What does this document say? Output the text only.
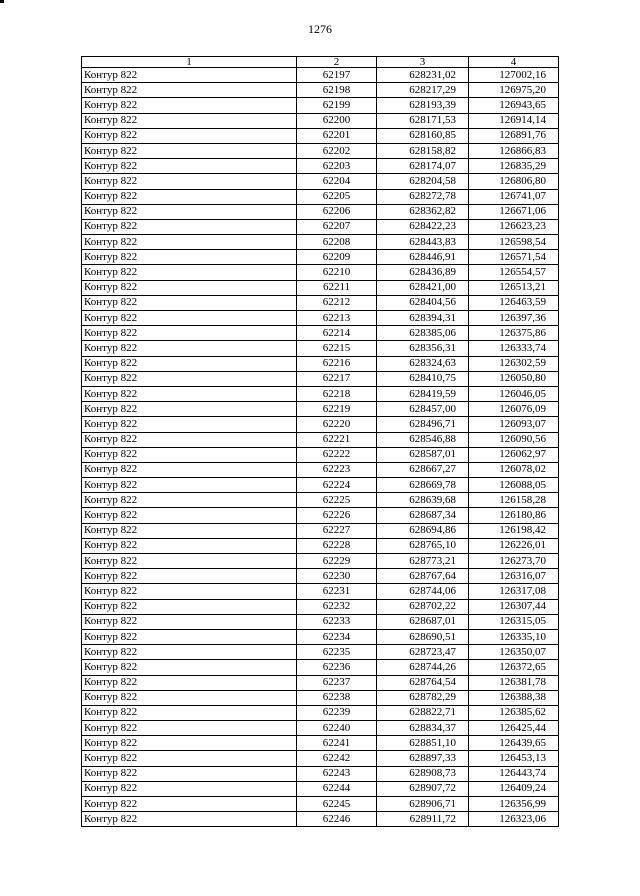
1276
1	2	3	4
Контур 822	62197	628231,02	127002,16
Контур 822	62198	628217,29	126975,20
Контур 822	62199	628193,39	126943,65
Контур 822	62200	628171,53	126914,14
Контур 822	62201	628160,85	126891,76
Контур 822	62202	628158,82	126866,83
Контур 822	62203	628174,07	126835,29
Контур 822	62204	628204,58	126806,80
Контур 822	62205	628272,78	126741,07
Контур 822	62206	628362,82	126671,06
Контур 822	62207	628422,23	126623,23
Контур 822	62208	628443,83	126598,54
Контур 822	62209	628446,91	126571,54
Контур 822	62210	628436,89	126554,57
Контур 822	62211	628421,00	126513,21
Контур 822	62212	628404,56	126463,59
Контур 822	62213	628394,31	126397,36
Контур 822	62214	628385,06	126375,86
Контур 822	62215	628356,31	126333,74
Контур 822	62216	628324,63	126302,59
Контур 822	62217	628410,75	126050,80
Контур 822	62218	628419,59	126046,05
Контур 822	62219	628457,00	126076,09
Контур 822	62220	628496,71	126093,07
Контур 822	62221	628546,88	126090,56
Контур 822	62222	628587,01	126062,97
Контур 822	62223	628667,27	126078,02
Контур 822	62224	628669,78	126088,05
Контур 822	62225	628639,68	126158,28
Контур 822	62226	628687,34	126180,86
Контур 822	62227	628694,86	126198,42
Контур 822	62228	628765,10	126226,01
Контур 822	62229	628773,21	126273,70
Контур 822	62230	628767,64	126316,07
Контур 822	62231	628744,06	126317,08
Контур 822	62232	628702,22	126307,44
Контур 822	62233	628687,01	126315,05
Контур 822	62234	628690,51	126335,10
Контур 822	62235	628723,47	126350,07
Контур 822	62236	628744,26	126372,65
Контур 822	62237	628764,54	126381,78
Контур 822	62238	628782,29	126388,38
Контур 822	62239	628822,71	126385,62
Контур 822	62240	628834,37	126425,44
Контур 822	62241	628851,10	126439,65
Контур 822	62242	628897,33	126453,13
Контур 822	62243	628908,73	126443,74
Контур 822	62244	628907,72	126409,24
Контур 822	62245	628906,71	126356,99
Контур 822	62246	628911,72	126323,06
